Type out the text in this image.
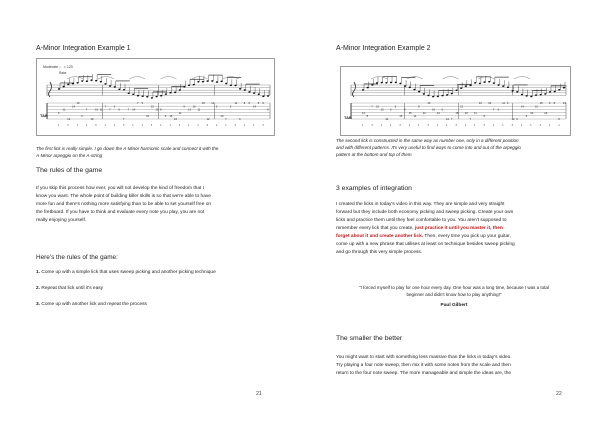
A-Minor Integration Example 1

Moderate ♩ = 120
Rake
TAB	6
11
12
14
10
6
7
16
16 11
7
7
6
9
7
7 14
7 5
12
10
15 8
6 15
15
11
9
13
16
12
16
12
14
5
13
7
5
11
6
8 9
14
5 9
9
1	3	1	1	3	1	1	3	1	1	3	1	1	3	1	1	3	1	1	3	1	1	3

The first lick is really simple. I go down the A-Minor harmonic scale and connect it with the

A-Minor arpeggio on the A-string

The rules of the game

If you skip this process how ever, you will not develop the kind of freedom that I

know you want. The whole point of building killer skills is so that we're able to have

more fun and there's nothing more satisfying than to be able to set yourself free on

the fretboard. If you have to think and evaluate every note you play, you are not

really enjoying yourself.

Here's the rules of the game:

1. Come up with a simple lick that uses sweep picking and another picking technique

2. Repeat that lick until it's easy

3. Come up with another lick and repeat the process

21

A-Minor Integration Example 2

TAB
12
8
7 16
15
10
5
5
15
5
15
14
8
12
10
16
13
5
10 7
15
15
10
7
11
13
8
12
7 9
11 6
12 9
14
9
10
10
15
16
9 8
8
13
1	3	1	1	3	1	1	3	1	1	3	1	1	3	1	1	3	1	1	3	1	1

The second lick is constructed in the same way as number one, only in a different position

and with different patterns. It's very useful to find ways to come into and out of the arpeggio

pattern at the bottom and top of them

3 examples of integration

I created the licks in today's video in this way. They are simple and very straight

forward but they include both economy picking and sweep picking. Create your own

licks and practice them until they feel comfortable to you. You aren't supposed to

remember every lick that you create, just practice it until you master it, then

forget about it and create another lick. Then, every time you pick up your guitar,

come up with a new phrase that utilises at least on technique besides sweep picking

and go through this very simple process.

"I forced myself to play for one hour every day. One hour was a long time, because I was a total

beginner and didn't know how to play anything!"

Paul Gilbert

The smaller the better

You might want to start with something less massive than the licks in today's video.

Try playing a four note sweep, then mix it with some notes from the scale and then

return to the four note sweep. The more manageable and simple the ideas are, the

22
